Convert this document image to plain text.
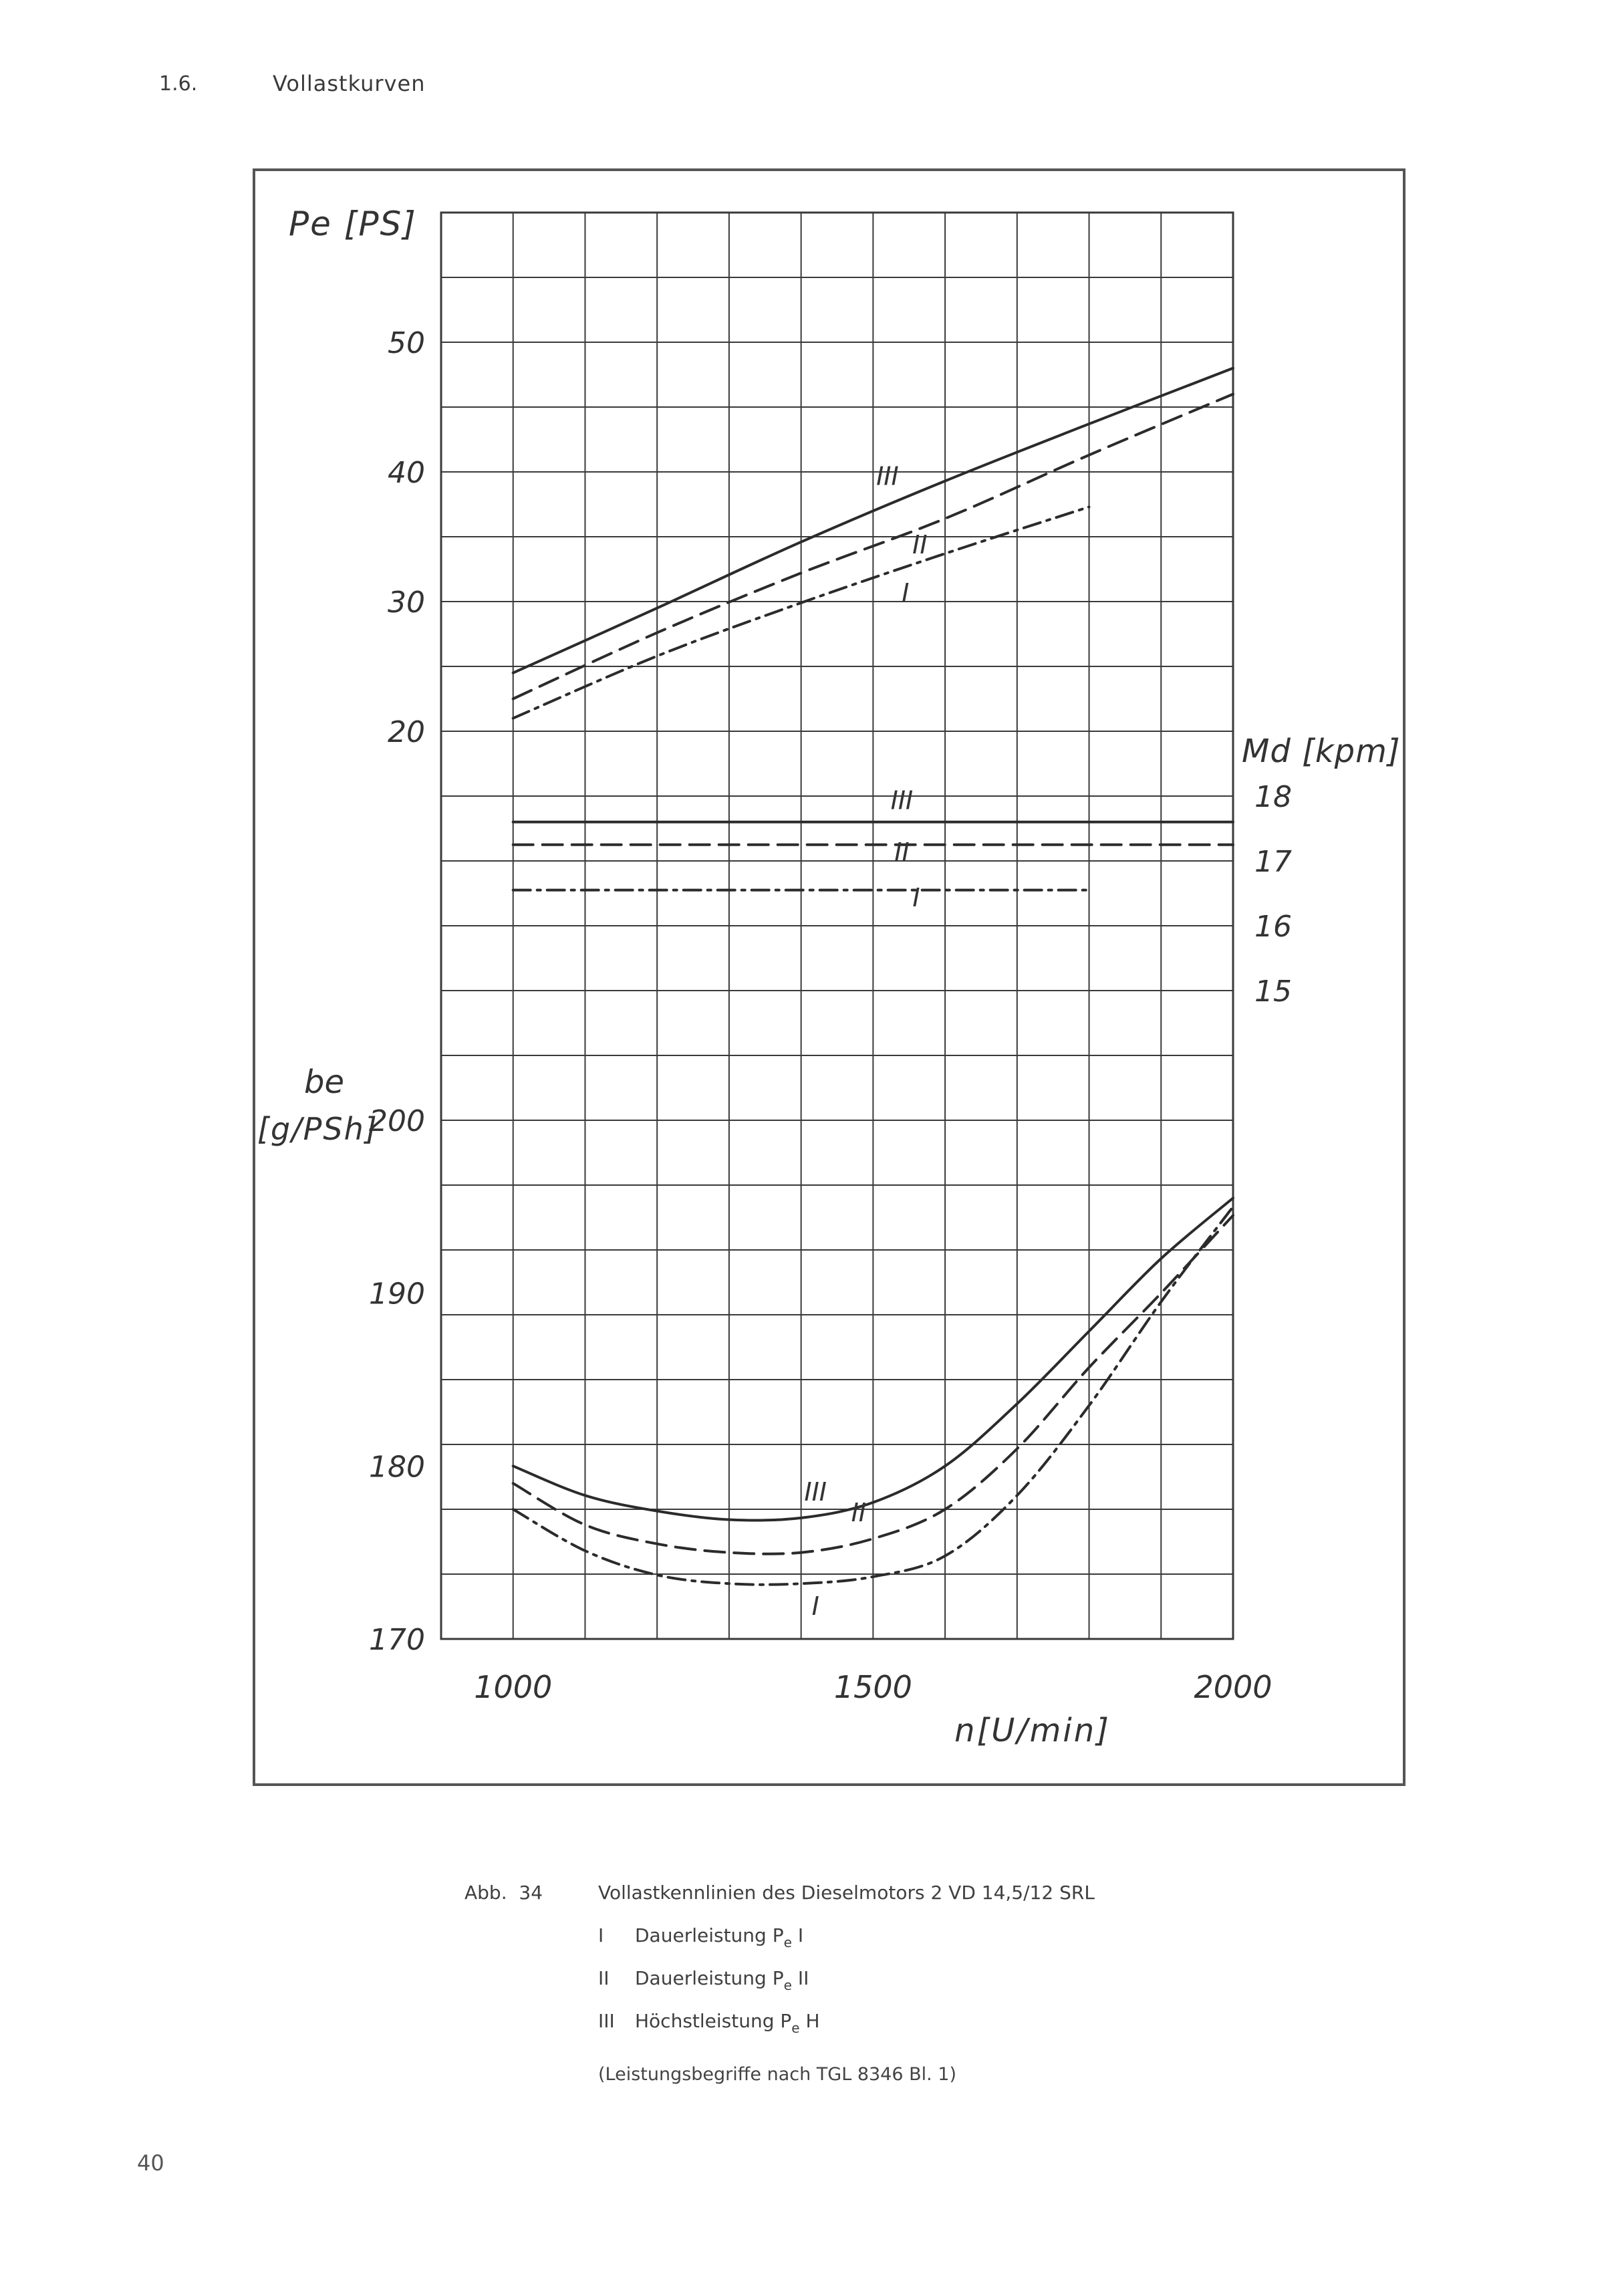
1.6.	Vollastkurven
1000	1500	2000
n[U/min]
20
30
40
50
III
II
I
15
16
17
18
III
II
I
170
180
190
200
III
II
I
Pe [PS]
Md [kpm]
be
[g/PSh]
Abb. 34	Vollastkennlinien des Dieselmotors 2 VD 14,5/12 SRL
I Dauerleistung $P_e$ I
II Dauerleistung $P_e$ II
III Höchstleistung $P_e$ H
(Leistungsbegriffe nach TGL 8346 Bl. 1)
40
